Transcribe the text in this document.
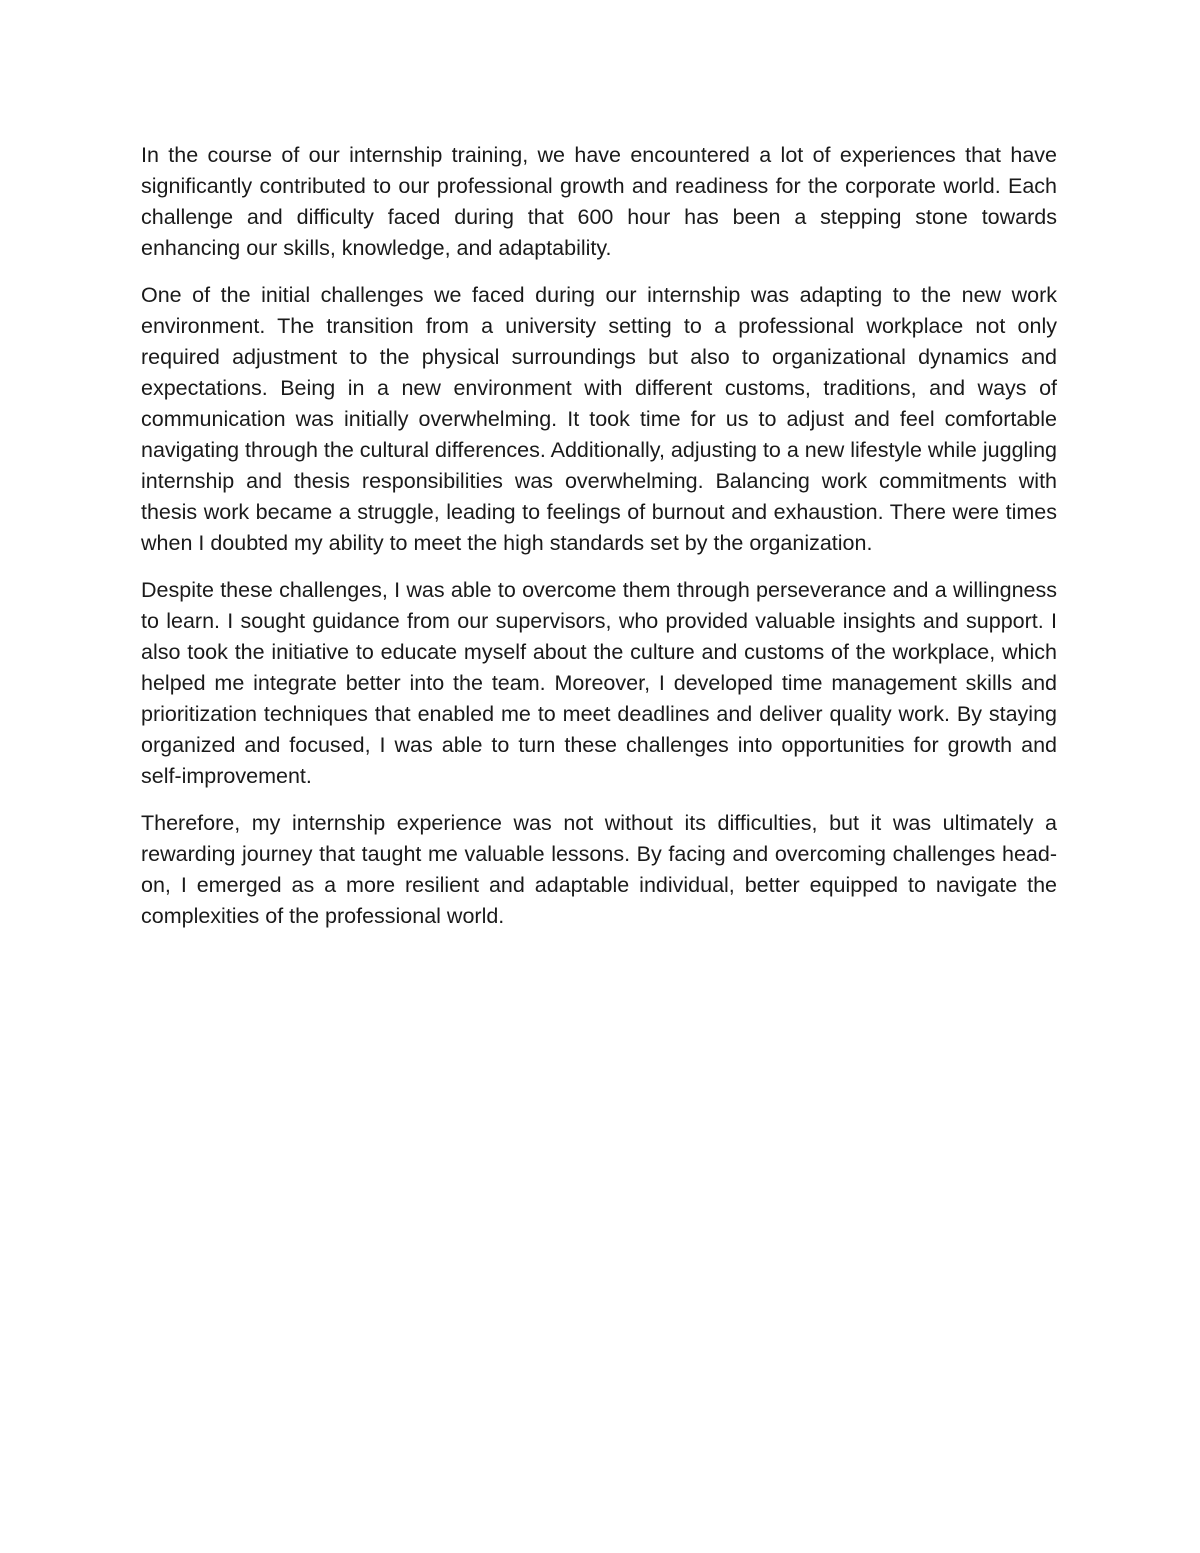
In the course of our internship training, we have encountered a lot of experiences that have significantly contributed to our professional growth and readiness for the corporate world. Each challenge and difficulty faced during that 600 hour has been a stepping stone towards enhancing our skills, knowledge, and adaptability.

One of the initial challenges we faced during our internship was adapting to the new work environment. The transition from a university setting to a professional workplace not only required adjustment to the physical surroundings but also to organizational dynamics and expectations. Being in a new environment with different customs, traditions, and ways of communication was initially overwhelming. It took time for us to adjust and feel comfortable navigating through the cultural differences. Additionally, adjusting to a new lifestyle while juggling internship and thesis responsibilities was overwhelming. Balancing work commitments with thesis work became a struggle, leading to feelings of burnout and exhaustion. There were times when I doubted my ability to meet the high standards set by the organization.

Despite these challenges, I was able to overcome them through perseverance and a willingness to learn. I sought guidance from our supervisors, who provided valuable insights and support. I also took the initiative to educate myself about the culture and customs of the workplace, which helped me integrate better into the team. Moreover, I developed time management skills and prioritization techniques that enabled me to meet deadlines and deliver quality work. By staying organized and focused, I was able to turn these challenges into opportunities for growth and self-improvement.

Therefore, my internship experience was not without its difficulties, but it was ultimately a rewarding journey that taught me valuable lessons. By facing and overcoming challenges head-on, I emerged as a more resilient and adaptable individual, better equipped to navigate the complexities of the professional world.
